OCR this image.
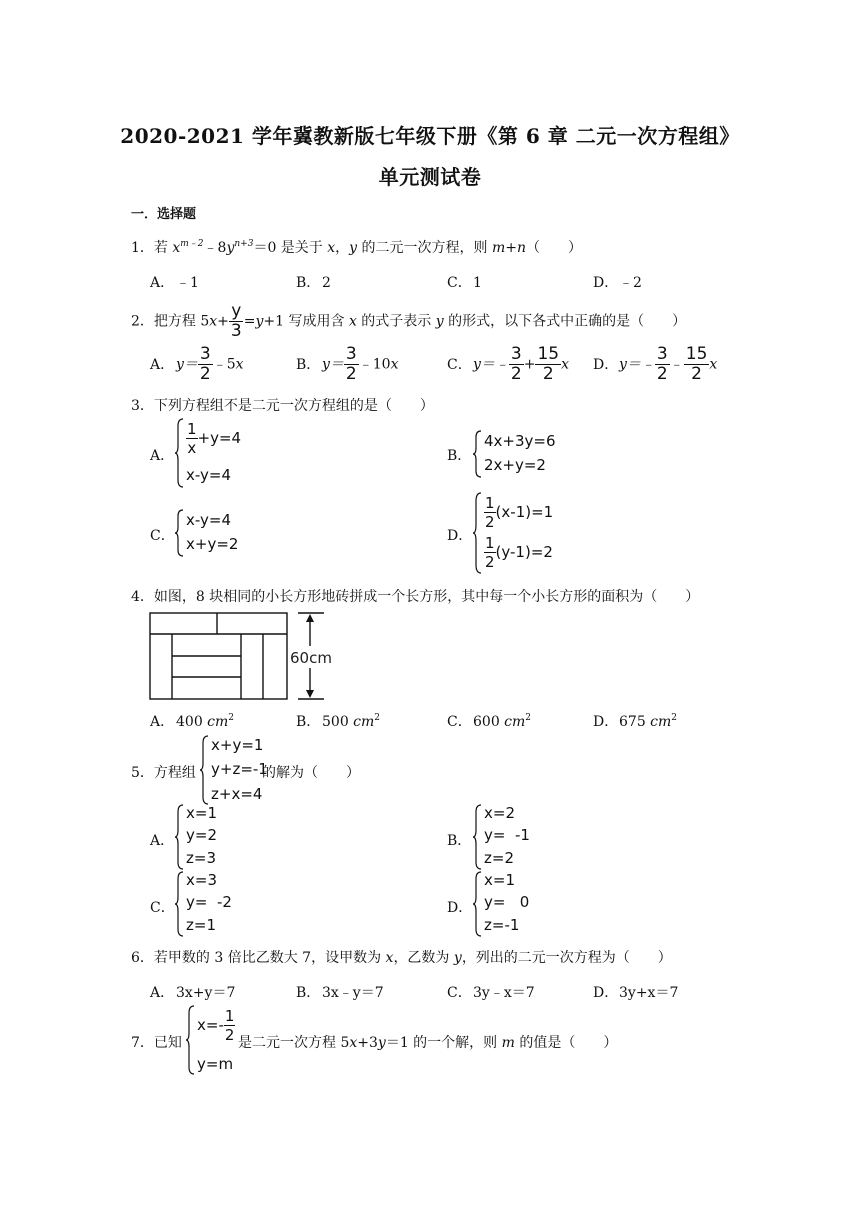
2020-2021 学年冀教新版七年级下册《第 6 章 二元一次方程组》
单元测试卷
一．选择题
1．若 $x^{m﹣2}﹣8y^{n+3}=0$ 是关于 x，y 的二元一次方程，则 m+n（　　）
A． ﹣1	B． 2	C．1	D．﹣2
2．把方程 $5x+ \frac{y}{3} =y+1$ 写成用含 x 的式子表示 y 的形式，以下各式中正确的是（　　）
A． $y= \frac{3}{2}$ ﹣5x	B． $y= \frac{3}{2}$ ﹣10x	C．y＝﹣ $\frac{3}{2} + \frac{15}{2}$ x D．y＝﹣ $\frac{3}{2}$ ﹣ $\frac{15}{2}$ x
3．下列方程组不是二元一次方程组的是（　　）
A． $\frac{1}{x} +y=4$
x-y=4
B．
4x+3y=6
2x+y=2
C．
x-y=4
x+y=2	D．
$\frac{1}{2} (x-1)=1$
$\frac{1}{2} (y-1)=2$
4．如图，8 块相同的小长方形地砖拼成一个长方形，其中每一个小长方形的面积为（　　）
60cm
A． 400 $cm^2$	B． 500 $cm^2$	C．600 $cm^2$	D．675 $cm^2$
5．方程组
x+y=1
y+z=-1
z+x=4
的解为（　　）
A．
x=1
y=2
z=3
B．
x=2
y=  -1
z=2
C．
x=3
y=  -2
z=1
D．
x=1
y=   0
z=-1
6．若甲数的 3 倍比乙数大 7，设甲数为 x，乙数为 y，列出的二元一次方程为（　　）
A． 3x+y＝7	B． 3x﹣y＝7	C．3y﹣x＝7	D．3y+x＝7
7．已知
$x=- \frac{1}{2}$
y=m
是二元一次方程 5x+3y＝1 的一个解，则 m 的值是（　　）
